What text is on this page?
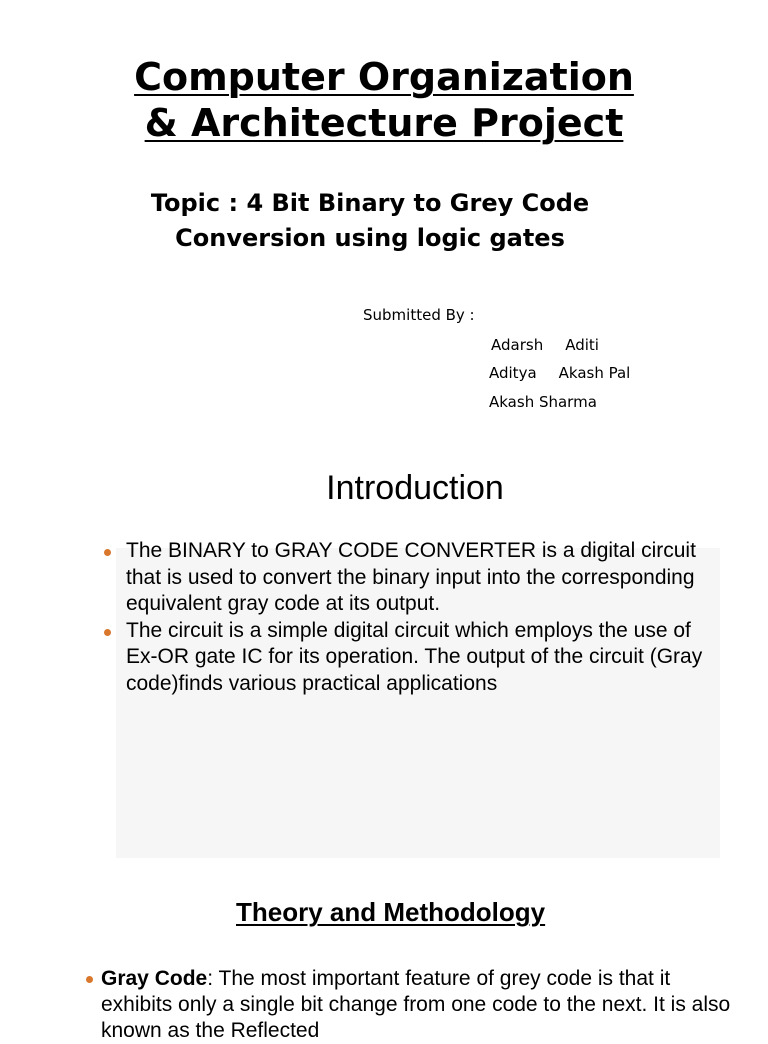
Computer Organization
& Architecture Project
Topic : 4 Bit Binary to Grey Code
Conversion using logic gates
Submitted By :
Adarsh Aditi
Aditya Akash Pal
Akash Sharma
Introduction
The BINARY to GRAY CODE CONVERTER is a digital circuit that is used to convert the binary input into the corresponding equivalent gray code at its output.
The circuit is a simple digital circuit which employs the use of Ex-OR gate IC for its operation. The output of the circuit (Gray code)finds various practical applications
Theory and Methodology

Gray Code: The most important feature of grey code is that it exhibits only a single bit change from one code to the next. It is also known as the Reflected
